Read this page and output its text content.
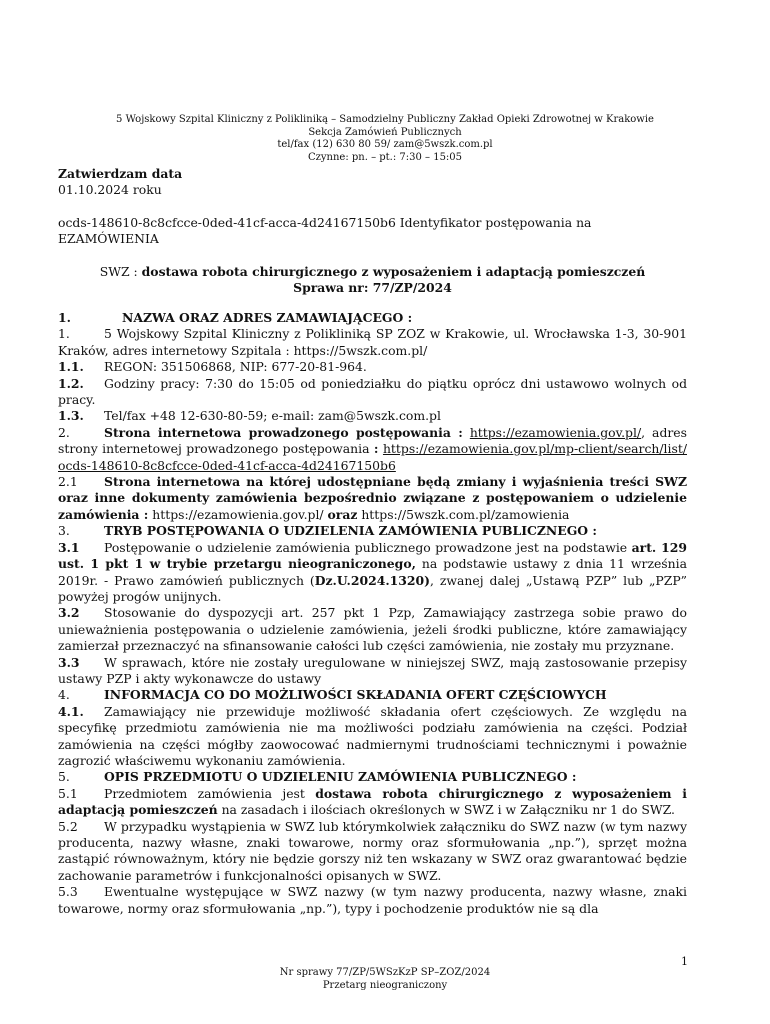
5 Wojskowy Szpital Kliniczny z Polikliniką – Samodzielny Publiczny Zakład Opieki Zdrowotnej w Krakowie
Sekcja Zamówień Publicznych
tel/fax (12) 630 80 59/ zam@5wszk.com.pl
Czynne: pn. – pt.: 7:30 – 15:05
Zatwierdzam data
01.10.2024 roku
ocds-148610-8c8cfcce-0ded-41cf-acca-4d24167150b6 Identyfikator postępowania na
EZAMÓWIENIA
SWZ : dostawa robota chirurgicznego z wyposażeniem i adaptacją pomieszczeń
Sprawa nr: 77/ZP/2024
1.	NAZWA ORAZ ADRES ZAMAWIAJĄCEGO :
1.	5 Wojskowy Szpital Kliniczny z Polikliniką SP ZOZ w Krakowie, ul. Wrocławska 1-3, 30-901 Kraków, adres internetowy Szpitala : https://5wszk.com.pl/
1.1. REGON: 351506868, NIP: 677-20-81-964.
1.2. Godziny pracy: 7:30 do 15:05 od poniedziałku do piątku oprócz dni ustawowo wolnych od pracy.
1.3. Tel/fax +48 12-630-80-59; e-mail: zam@5wszk.com.pl
2.	Strona internetowa prowadzonego postępowania : https://ezamowienia.gov.pl/, adres strony internetowej prowadzonego postępowania : https://ezamowienia.gov.pl/mp-client/search/list/ocds-148610-8c8cfcce-0ded-41cf-acca-4d24167150b6
2.1 Strona internetowa na której udostępniane będą zmiany i wyjaśnienia treści SWZ oraz inne dokumenty zamówienia bezpośrednio związane z postępowaniem o udzielenie zamówienia : https://ezamowienia.gov.pl/ oraz https://5wszk.com.pl/zamowienia
3.	TRYB POSTĘPOWANIA O UDZIELENIA ZAMÓWIENIA PUBLICZNEGO :
3.1 Postępowanie o udzielenie zamówienia publicznego prowadzone jest na podstawie art. 129 ust. 1 pkt 1 w trybie przetargu nieograniczonego, na podstawie ustawy z dnia 11 września 2019r. - Prawo zamówień publicznych (Dz.U.2024.1320), zwanej dalej „Ustawą PZP” lub „PZP” powyżej progów unijnych.
3.2 Stosowanie do dyspozycji art. 257 pkt 1 Pzp, Zamawiający zastrzega sobie prawo do unieważnienia postępowania o udzielenie zamówienia, jeżeli środki publiczne, które zamawiający zamierzał przeznaczyć na sfinansowanie całości lub części zamówienia, nie zostały mu przyznane.
3.3 W sprawach, które nie zostały uregulowane w niniejszej SWZ, mają zastosowanie przepisy ustawy PZP i akty wykonawcze do ustawy
4.	INFORMACJA CO DO MOŻLIWOŚCI SKŁADANIA OFERT CZĘŚCIOWYCH
4.1. Zamawiający nie przewiduje możliwość składania ofert częściowych. Ze względu na specyfikę przedmiotu zamówienia nie ma możliwości podziału zamówienia na części. Podział zamówienia na części mógłby zaowocować nadmiernymi trudnościami technicznymi i poważnie zagrozić właściwemu wykonaniu zamówienia.
5.	OPIS PRZEDMIOTU O UDZIELENIU ZAMÓWIENIA PUBLICZNEGO :
5.1 Przedmiotem zamówienia jest dostawa robota chirurgicznego z wyposażeniem i adaptacją pomieszczeń na zasadach i ilościach określonych w SWZ i w Załączniku nr 1 do SWZ.
5.2 W przypadku wystąpienia w SWZ lub którymkolwiek załączniku do SWZ nazw (w tym nazwy producenta, nazwy własne, znaki towarowe, normy oraz sformułowania „np.”), sprzęt można zastąpić równoważnym, który nie będzie gorszy niż ten wskazany w SWZ oraz gwarantować będzie zachowanie parametrów i funkcjonalności opisanych w SWZ.
5.3 Ewentualne występujące w SWZ nazwy (w tym nazwy producenta, nazwy własne, znaki towarowe, normy oraz sformułowania „np.”), typy i pochodzenie produktów nie są dla
1
Nr sprawy 77/ZP/5WSzKzP SP–ZOZ/2024
Przetarg nieograniczony
